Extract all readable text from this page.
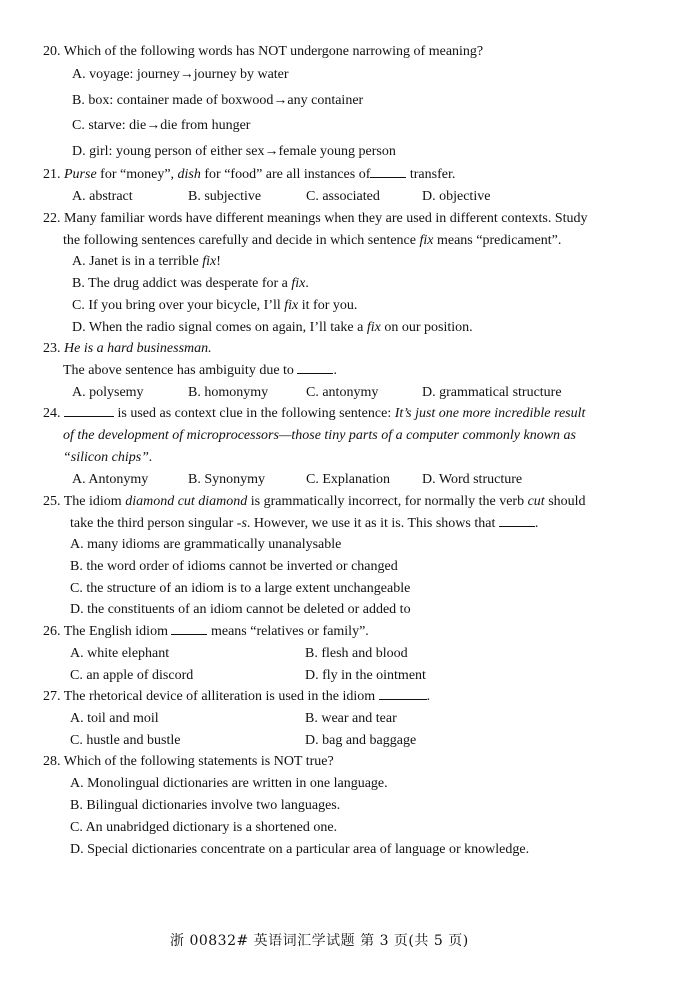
20. Which of the following words has NOT undergone narrowing of meaning?
A. voyage: journey→journey by water
B. box: container made of boxwood→any container
C. starve: die→die from hunger
D. girl: young person of either sex→female young person
21. Purse for “money”, dish for “food” are all instances of	transfer.
A. abstract	B. subjective	C. associated	D. objective
22. Many familiar words have different meanings when they are used in different contexts. Study
the following sentences carefully and decide in which sentence fix means “predicament”.
A. Janet is in a terrible fix!
B. The drug addict was desperate for a fix.
C. If you bring over your bicycle, I’ll fix it for you.
D. When the radio signal comes on again, I’ll take a fix on our position.
23. He is a hard businessman.
The above sentence has ambiguity due to	.
A. polysemy	B. homonymy	C. antonymy	D. grammatical structure
24.	is used as context clue in the following sentence: It’s just one more incredible result
of the development of microprocessors—those tiny parts of a computer commonly known as
“silicon chips”.
A. Antonymy	B. Synonymy	C. Explanation D. Word structure
25. The idiom diamond cut diamond is grammatically incorrect, for normally the verb cut should
take the third person singular -s. However, we use it as it is. This shows that	.
A. many idioms are grammatically unanalysable
B. the word order of idioms cannot be inverted or changed
C. the structure of an idiom is to a large extent unchangeable
D. the constituents of an idiom cannot be deleted or added to
26. The English idiom	means “relatives or family”.
A. white elephant	B. flesh and blood
C. an apple of discord	D. fly in the ointment
27. The rhetorical device of alliteration is used in the idiom	.
A. toil and moil	B. wear and tear
C. hustle and bustle	D. bag and baggage
28. Which of the following statements is NOT true?
A. Monolingual dictionaries are written in one language.
B. Bilingual dictionaries involve two languages.
C. An unabridged dictionary is a shortened one.
D. Special dictionaries concentrate on a particular area of language or knowledge.
浙 00832# 英语词汇学试题 第 3 页(共 5 页)
